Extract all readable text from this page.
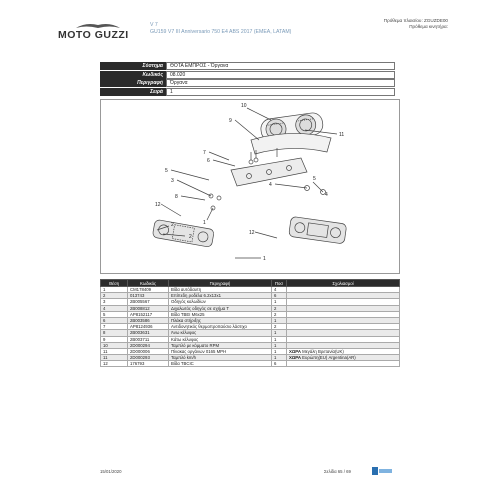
MOTO GUZZI
V 7
GU159 V7 III Anniversario 750 E4 ABS 2017 (EMEA, LATAM)
Πρόθεμα πλαισίου: ZGUZDE00
Πρόθεμα κινητήρα:
Σύστημα	ΘΟΤΑ ΕΜΠΡΟΣ - Όργανα
Κωδικός	08.020
Περιγραφή	Όργανα
Σειρά	1
10
9
11
7
6
5
3
4
5
8
12
2	1
12
2
1
4
Θέση	Κωδικός	Περιγραφή	Ποσ	Σχολιασμοί
1	CM178409	Βίδα αυτόδαυτη	4	
2	013743	Επίπεδη ροδέλα 6.2x13x1	6	
3	2B005567	Οδηγός καλωδίων	1	
4	2B008812	Διχαλωτός οδηγός σε σχήμα T	2	
5	AP8152117	Βίδα TBEI M6x25	2	
6	2B003586	Πλάκα στήριξης	1	
7	AP8124936	Αντιδονητικός θερμοπροπαύσιο λάστιχο	2	
8	2B003631	Άνω κέλυφος	1	
9	2B003711	Κάτω κέλυφος	1	
10	2D000294	Ταμπλό με κόμματο RPM	1	
11	2D000006	Πίνακας οργάνων 0165 MPH	1	ΧΩΡΑ Μεγάλη Βρετανία(UK)
11	2D000293	Ταμπλό km/h	1	ΧΩΡΑ Ευρώπη(EU) Argentina(AR)
12	176793	Βίδα TBCIC	6	
15/01/2020	Σελίδα 65 / 69
